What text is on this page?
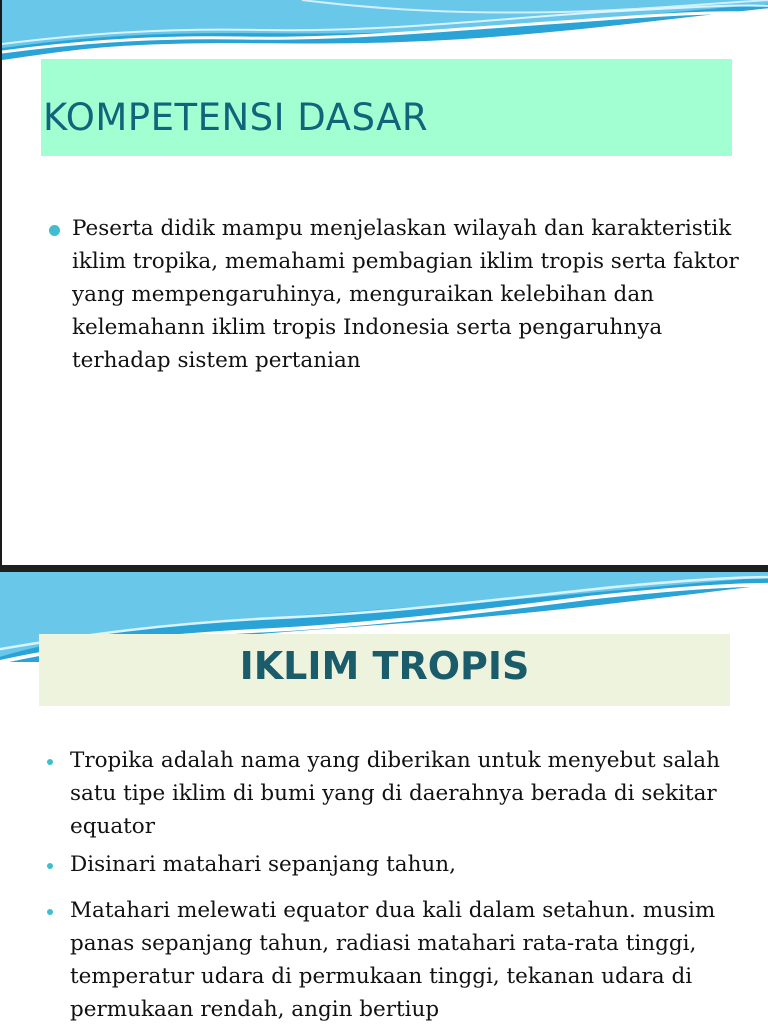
KOMPETENSI DASAR
Peserta didik mampu menjelaskan wilayah dan karakteristik iklim tropika, memahami pembagian iklim tropis serta faktor yang mempengaruhinya, menguraikan kelebihan dan kelemahann iklim tropis Indonesia serta pengaruhnya terhadap sistem pertanian
IKLIM TROPIS
Tropika adalah nama yang diberikan untuk menyebut salah satu tipe iklim di bumi yang di daerahnya berada di sekitar equator
Disinari matahari sepanjang tahun,
Matahari melewati equator dua kali dalam setahun. musim panas sepanjang tahun, radiasi matahari rata-rata tinggi, temperatur udara di permukaan tinggi, tekanan udara di permukaan rendah, angin bertiup
